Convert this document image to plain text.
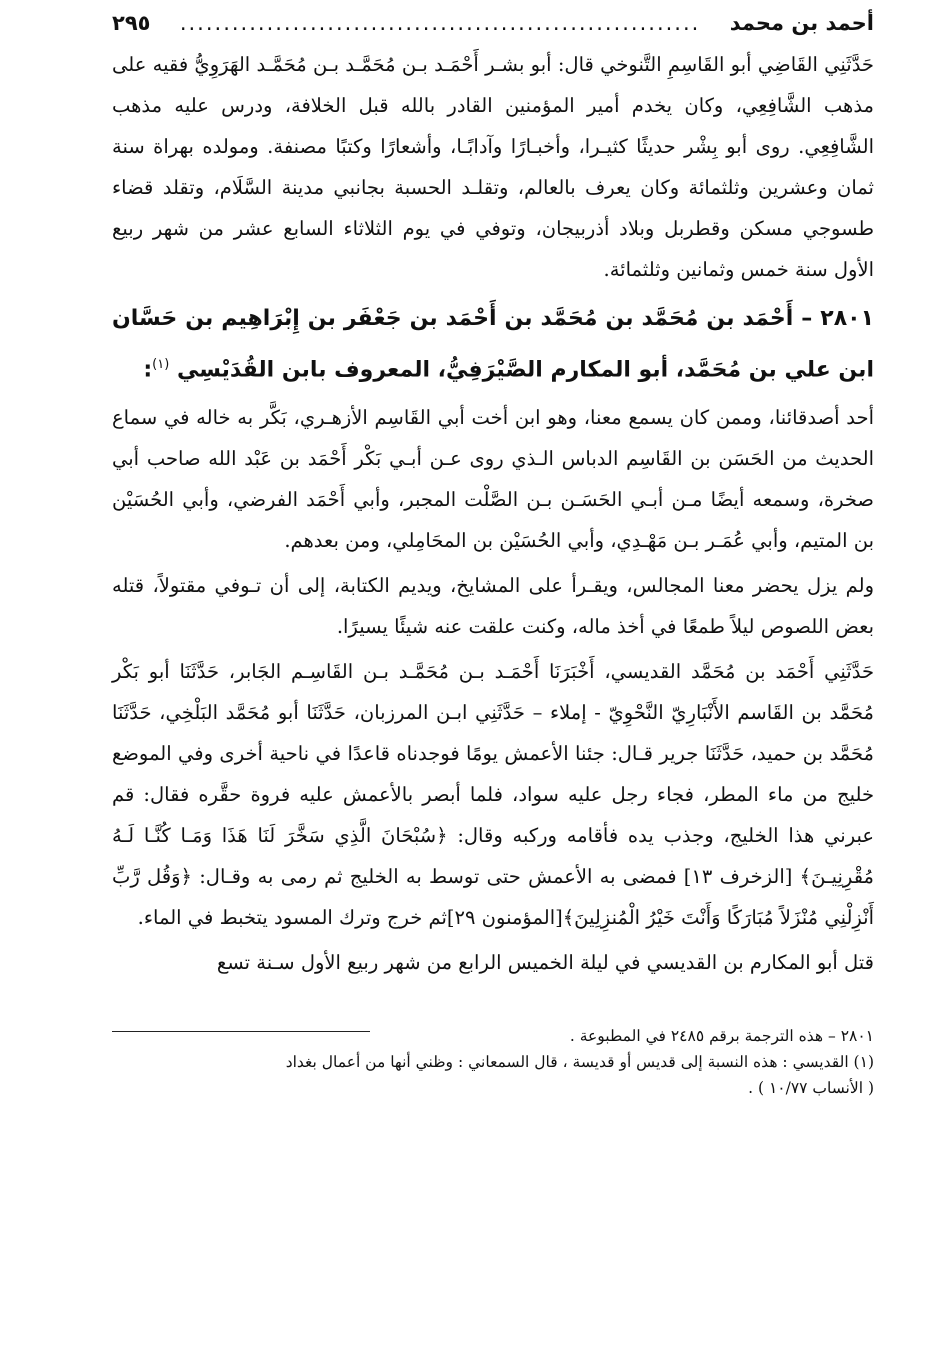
أحمد بن محمد
............................................................
٢٩٥

حَدَّثَنِي القَاضِي أبو القَاسِمِ التَّنوخي قال: أبو بشـر أَحْمَـد بـن مُحَمَّـد بـن مُحَمَّـد الهَرَوِيُّ فقيه على مذهب الشَّافِعِي، وكان يخدم أمير المؤمنين القادر بالله قبل الخلافة، ودرس عليه مذهب الشَّافِعِي. روى أبو بِشْر حديثًا كثيـرا، وأخبـارًا وآدابًـا، وأشعارًا وكتبًا مصنفة. ومولده بهراة سنة ثمان وعشرين وثلثمائة وكان يعرف بالعالم، وتقلـد الحسبة بجانبي مدينة السَّلَام، وتقلد قضاء طسوجي مسكن وقطربل وبلاد أذربيجان، وتوفي في يوم الثلاثاء السابع عشر من شهر ربيع الأول سنة خمس وثمانين وثلثمائة.

٢٨٠١ – أَحْمَد بن مُحَمَّد بن مُحَمَّد بن أَحْمَد بن جَعْفَر بن إِبْرَاهِيم بن حَسَّان ابن علي بن مُحَمَّد، أبو المكارم الصَّيْرَفِيُّ، المعروف بابن القُدَيْسِي $^{(١)}$:

أحد أصدقائنا، وممن كان يسمع معنا، وهو ابن أخت أبي القَاسِم الأزهـري، بَكَّر به خاله في سماع الحديث من الحَسَن بن القَاسِم الدباس الـذي روى عـن أبـي بَكْر أَحْمَد بن عَبْد الله صاحب أبي صخرة، وسمعه أيضًا مـن أبـي الحَسَـن بـن الصَّلْت المجبر، وأبي أَحْمَد الفرضي، وأبي الحُسَيْن بن المتيم، وأبي عُمَـر بـن مَهْـدِي، وأبي الحُسَيْن بن المحَامِلي، ومن بعدهم.

ولم يزل يحضر معنا المجالس، ويقـرأ على المشايخ، ويديم الكتابة، إلى أن تـوفي مقتولاً، قتله بعض اللصوص ليلاً طمعًا في أخذ ماله، وكنت علقت عنه شيئًا يسيرًا.

حَدَّثَنِي أَحْمَد بن مُحَمَّد القديسي، أَخْبَرَنَا أَحْمَـد بـن مُحَمَّـد بـن القَاسِـم الجَابر، حَدَّثَنَا أبو بَكْر مُحَمَّد بن القَاسم الأَنْبَارِيّ النَّحْوِيّ - إملاء – حَدَّثَنِي ابـن المرزبان، حَدَّثَنَا أبو مُحَمَّد البَلْخِي، حَدَّثَنَا مُحَمَّد بن حميد، حَدَّثَنَا جرير قـال: جئنا الأعمش يومًا فوجدناه قاعدًا في ناحية أخرى وفي الموضع خليج من ماء المطر، فجاء رجل عليه سواد، فلما أبصر بالأعمش عليه فروة حقَّره فقال: قم عبرني هذا الخليج، وجذب يده فأقامه وركبه وقال: ﴿سُبْحَانَ الَّذِي سَخَّرَ لَنَا هَذَا وَمَـا كُنَّـا لَـهُ مُقْرِنِيـنَ﴾ [الزخرف ١٣] فمضى به الأعمش حتى توسط به الخليج ثم رمى به وقـال: ﴿وَقُل رَّبِّ أَنْزِلْنِي مُنْزَلاً مُبَارَكًا وَأَنْتَ خَيْرُ الْمُنزِلِينَ﴾[المؤمنون ٢٩]ثم خرج وترك المسود يتخبط في الماء.

قتل أبو المكارم بن القديسي في ليلة الخميس الرابع من شهر ربيع الأول سـنة تسع

٢٨٠١ – هذه الترجمة برقم ٢٤٨٥ في المطبوعة .

(١) القديسي : هذه النسبة إلى قديس أو قديسة ، قال السمعاني : وظني أنها من أعمال بغداد

( الأنساب ١٠/٧٧ ) .
